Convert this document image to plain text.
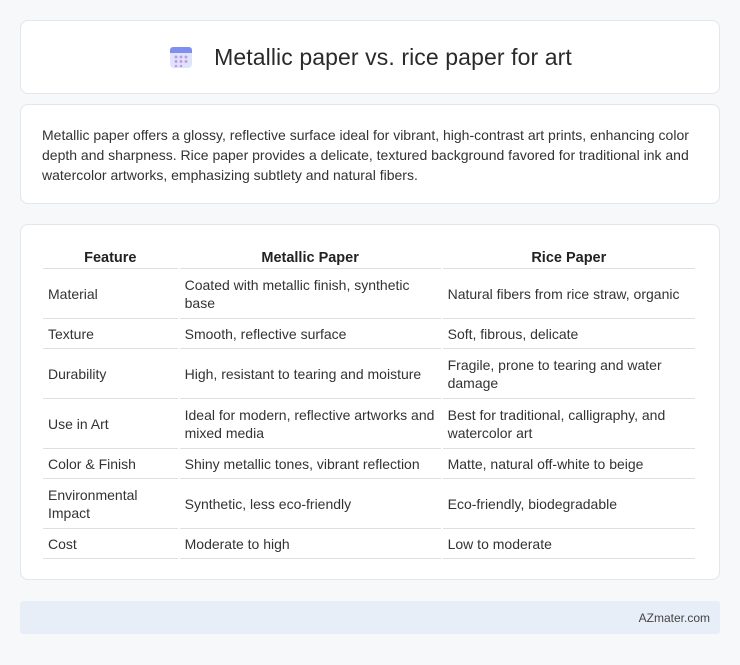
Metallic paper vs. rice paper for art

Metallic paper offers a glossy, reflective surface ideal for vibrant, high-contrast art prints, enhancing color depth and sharpness. Rice paper provides a delicate, textured background favored for traditional ink and watercolor artworks, emphasizing subtlety and natural fibers.

Feature	Metallic Paper	Rice Paper
Material	Coated with metallic finish, synthetic base	Natural fibers from rice straw, organic
Texture	Smooth, reflective surface	Soft, fibrous, delicate
Durability	High, resistant to tearing and moisture	Fragile, prone to tearing and water damage
Use in Art	Ideal for modern, reflective artworks and mixed media	Best for traditional, calligraphy, and watercolor art
Color & Finish	Shiny metallic tones, vibrant reflection	Matte, natural off-white to beige
Environmental Impact	Synthetic, less eco-friendly	Eco-friendly, biodegradable
Cost	Moderate to high	Low to moderate
AZmater.com
